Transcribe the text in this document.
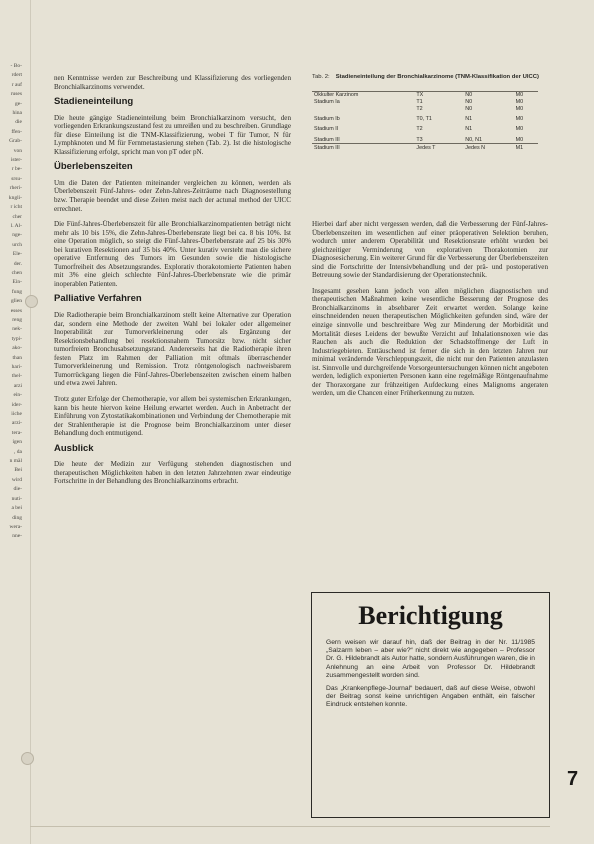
- Bo-
rdert
r auf
ruses
ge-
hina
die
ffen-
Grab-
von
ister-
r be-
srsu-
rheri-
kngli-
r icht
cher
l. Al-
nge-
urch
Ele-
der.
chen
Ein-
fung
glien
esses
reng
nek-
typi-
ako-
than
hari-
thel-
arzi
ein-
ider-
iiche
arzi-
tera-
igen
, da
n mäl
Bei
wird
die-
nuti-
a bei
ding
wera-
nne-

nen Kenntnisse werden zur Beschreibung und Klassifizierung des vorliegenden Bronchialkarzinoms verwendet.

Stadieneinteilung

Die heute gängige Stadieneinteilung beim Bronchialkarzinom versucht, den vorliegenden Erkrankungszustand fest zu umreißen und zu beschreiben. Grundlage für diese Einteilung ist die TNM-Klassifizierung, wobei T für Tumor, N für Lymphknoten und M für Fernmetastasierung stehen (Tab. 2). Ist die histologische Klassifizierung erfolgt, spricht man von pT oder pN.

Überlebenszeiten

Um die Daten der Patienten miteinander vergleichen zu können, werden als Überlebenszeit Fünf-Jahres- oder Zehn-Jahres-Zeiträume nach Diagnosestellung bzw. Therapie beendet und diese Zeiten meist nach der actunal method der UICC errechnet.

Die Fünf-Jahres-Überlebenszeit für alle Bronchialkarzinompatienten beträgt nicht mehr als 10 bis 15%, die Zehn-Jahres-Überlebensrate liegt bei ca. 8 bis 10%. Ist eine Operation möglich, so steigt die Fünf-Jahres-Überlebensrate auf 25 bis 30% bei kurativen Resektionen auf 35 bis 40%. Unter kurativ versteht man die sichere operative Entfernung des Tumors im Gesunden sowie die histologische Tumorfreiheit des Absetzungsrandes. Explorativ thorakotomierte Patienten haben mit 3% eine gleich schlechte Fünf-Jahres-Überlebensrate wie die primär inoperablen Patienten.

Palliative Verfahren

Die Radiotherapie beim Bronchialkarzinom stellt keine Alternative zur Operation dar, sondern eine Methode der zweiten Wahl bei lokaler oder allgemeiner Inoperabilität zur Tumorverkleinerung oder als Ergänzung der Resektionsbehandlung bei resektionsnahem Tumorsitz bzw. nicht sicher tumorfreiem Bronchusabsetzungsrand. Andererseits hat die Radiotherapie ihren festen Platz im Rahmen der Palliation mit oftmals überraschender Tumorverkleinerung und Remission. Trotz röntgenologisch nachweisbarem Tumorrückgang liegen die Fünf-Jahres-Überlebenszeiten zwischen einem halben und etwa zwei Jahren.

Trotz guter Erfolge der Chemotherapie, vor allem bei systemischen Erkrankungen, kann bis heute hiervon keine Heilung erwartet werden. Auch in Anbetracht der Einführung von Zytostatikakombinationen und Verbindung der Chemotherapie mit der Strahlentherapie ist die Prognose beim Bronchialkarzinom unter dieser Behandlung doch entmutigend.

Ausblick

Die heute der Medizin zur Verfügung stehenden diagnostischen und therapeutischen Möglichkeiten haben in den letzten Jahrzehnten zwar eindeutige Fortschritte in der Behandlung des Bronchialkarzinoms erbracht.

Tab. 2: Stadieneinteilung der Bronchialkarzinome (TNM-Klassifikation der UICC)
Okkulter Karzinom	TX	N0	M0
Stadium Ia	T1	N0	M0
	T2	N0	M0
Stadium Ib	T0, T1	N1	M0
Stadium II	T2	N1	M0
Stadium III	T3	N0, N1	M0
Stadium III	Jedes T	Jedes N	M1

Hierbei darf aber nicht vergessen werden, daß die Verbesserung der Fünf-Jahres-Überlebenszeiten im wesentlichen auf einer präoperativen Selektion beruhen, wodurch unter anderem Operabilität und Resektionsrate erhöht wurden bei gleichzeitiger Verminderung von explorativen Thorakotomien zur Diagnosesicherung. Ein weiterer Grund für die Verbesserung der Überlebenszeiten sind die Fortschritte der Intensivbehandlung und der prä- und postoperativen Betreuung sowie der Standardisierung der Operationstechnik.

Insgesamt gesehen kann jedoch von allen möglichen diagnostischen und therapeutischen Maßnahmen keine wesentliche Besserung der Prognose des Bronchialkarzinoms in absehbarer Zeit erwartet werden. Solange keine einschneidenden neuen therapeutischen Möglichkeiten gefunden sind, wäre der einzige sinnvolle und beschreitbare Weg zur Minderung der Morbidität und Mortalität dieses Leidens der bewußte Verzicht auf Inhalationsnoxen wie das Rauchen als auch die Reduktion der Schadstoffmenge der Luft in Industriegebieten. Enttäuschend ist ferner die sich in den letzten Jahren nur minimal verändernde Verschleppungszeit, die nicht nur den Patienten anzulasten ist. Sinnvolle und durchgreifende Vorsorgeuntersuchungen können nicht angeboten werden, lediglich exponierten Personen kann eine regelmäßige Röntgenaufnahme der Thoraxorgane zur frühzeitigen Aufdeckung eines Malignoms angeraten werden, um die Chancen einer Früherkennung zu nutzen.

Berichtigung

Gern weisen wir darauf hin, daß der Beitrag in der Nr. 11/1985 „Salzarm leben – aber wie?“ nicht direkt wie angegeben – Professor Dr. G. Hildebrandt als Autor hatte, sondern Ausführungen waren, die in Anlehnung an eine Arbeit von Professor Dr. Hildebrandt zusammengestellt worden sind.

Das „Krankenpflege-Journal“ bedauert, daß auf diese Weise, obwohl der Beitrag sonst keine unrichtigen Angaben enthält, ein falscher Eindruck entstehen konnte.

7
